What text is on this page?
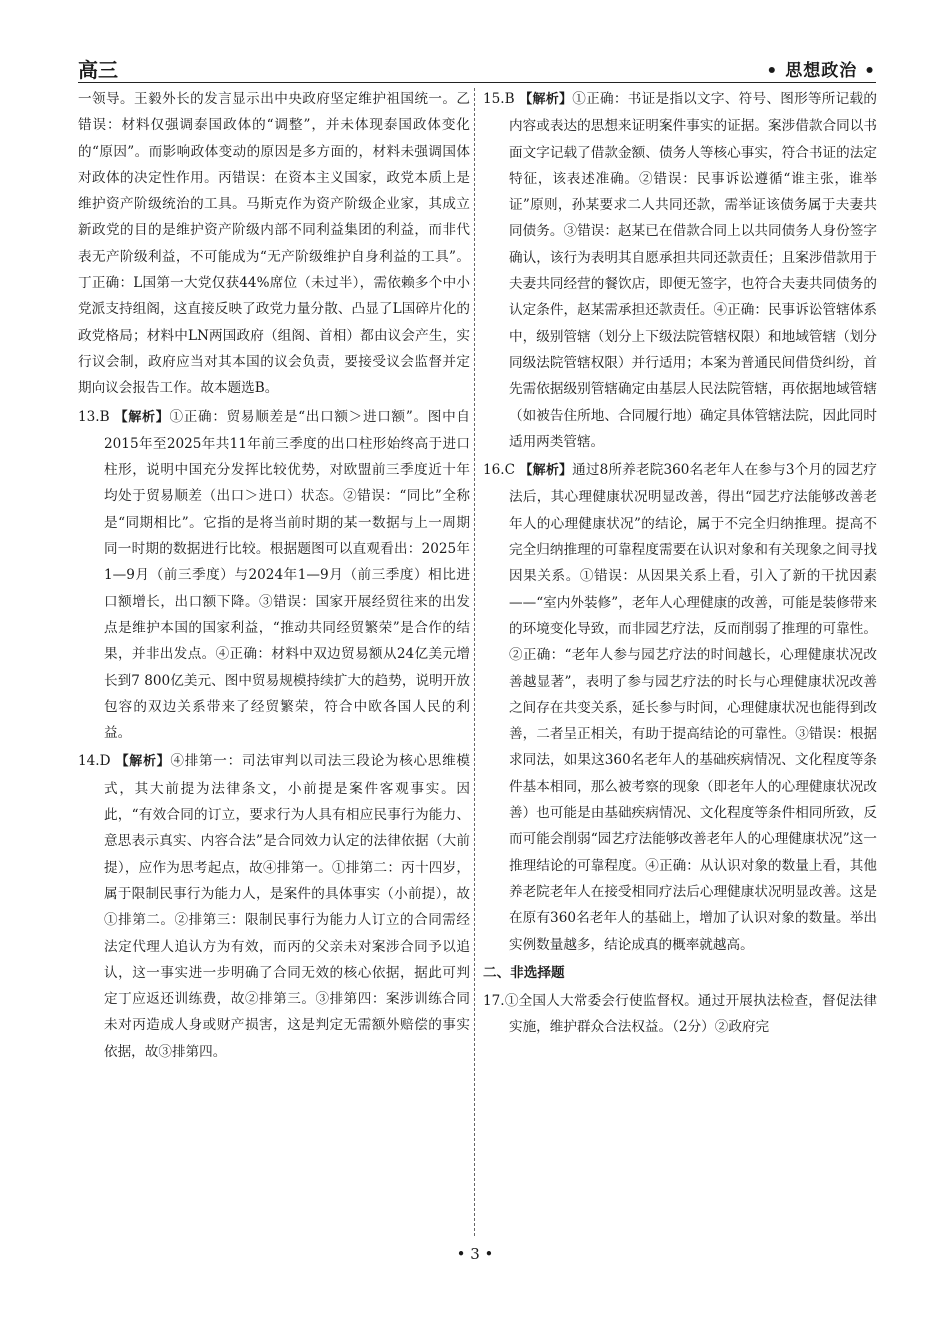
高三	• 思想政治 •

一领导。王毅外长的发言显示出中央政府坚定维护祖国统一。乙错误：材料仅强调泰国政体的“调整”，并未体现泰国政体变化的“原因”。而影响政体变动的原因是多方面的，材料未强调国体对政体的决定性作用。丙错误：在资本主义国家，政党本质上是维护资产阶级统治的工具。马斯克作为资产阶级企业家，其成立新政党的目的是维护资产阶级内部不同利益集团的利益，而非代表无产阶级利益，不可能成为“无产阶级维护自身利益的工具”。丁正确：L国第一大党仅获44%席位（未过半），需依赖多个中小党派支持组阁，这直接反映了政党力量分散、凸显了L国碎片化的政党格局；材料中LN两国政府（组阁、首相）都由议会产生，实行议会制，政府应当对其本国的议会负责，要接受议会监督并定期向议会报告工作。故本题选B。

13.B 【解析】①正确：贸易顺差是“出口额＞进口额”。图中自2015年至2025年共11年前三季度的出口柱形始终高于进口柱形，说明中国充分发挥比较优势，对欧盟前三季度近十年均处于贸易顺差（出口＞进口）状态。②错误：“同比”全称是“同期相比”。它指的是将当前时期的某一数据与上一周期同一时期的数据进行比较。根据题图可以直观看出：2025年1—9月（前三季度）与2024年1—9月（前三季度）相比进口额增长，出口额下降。③错误：国家开展经贸往来的出发点是维护本国的国家利益，“推动共同经贸繁荣”是合作的结果，并非出发点。④正确：材料中双边贸易额从24亿美元增长到7 800亿美元、图中贸易规模持续扩大的趋势，说明开放包容的双边关系带来了经贸繁荣，符合中欧各国人民的利益。

14.D 【解析】④排第一：司法审判以司法三段论为核心思维模式，其大前提为法律条文，小前提是案件客观事实。因此，“有效合同的订立，要求行为人具有相应民事行为能力、意思表示真实、内容合法”是合同效力认定的法律依据（大前提），应作为思考起点，故④排第一。①排第二：丙十四岁，属于限制民事行为能力人，是案件的具体事实（小前提），故①排第二。②排第三：限制民事行为能力人订立的合同需经法定代理人追认方为有效，而丙的父亲未对案涉合同予以追认，这一事实进一步明确了合同无效的核心依据，据此可判定丁应返还训练费，故②排第三。③排第四：案涉训练合同未对丙造成人身或财产损害，这是判定无需额外赔偿的事实依据，故③排第四。

15.B 【解析】①正确：书证是指以文字、符号、图形等所记载的内容或表达的思想来证明案件事实的证据。案涉借款合同以书面文字记载了借款金额、债务人等核心事实，符合书证的法定特征，该表述准确。②错误：民事诉讼遵循“谁主张，谁举证”原则，孙某要求二人共同还款，需举证该债务属于夫妻共同债务。③错误：赵某已在借款合同上以共同债务人身份签字确认，该行为表明其自愿承担共同还款责任；且案涉借款用于夫妻共同经营的餐饮店，即便无签字，也符合夫妻共同债务的认定条件，赵某需承担还款责任。④正确：民事诉讼管辖体系中，级别管辖（划分上下级法院管辖权限）和地域管辖（划分同级法院管辖权限）并行适用；本案为普通民间借贷纠纷，首先需依据级别管辖确定由基层人民法院管辖，再依据地域管辖（如被告住所地、合同履行地）确定具体管辖法院，因此同时适用两类管辖。

16.C 【解析】通过8所养老院360名老年人在参与3个月的园艺疗法后，其心理健康状况明显改善，得出“园艺疗法能够改善老年人的心理健康状况”的结论，属于不完全归纳推理。提高不完全归纳推理的可靠程度需要在认识对象和有关现象之间寻找因果关系。①错误：从因果关系上看，引入了新的干扰因素——“室内外装修”，老年人心理健康的改善，可能是装修带来的环境变化导致，而非园艺疗法，反而削弱了推理的可靠性。②正确：“老年人参与园艺疗法的时间越长，心理健康状况改善越显著”，表明了参与园艺疗法的时长与心理健康状况改善之间存在共变关系，延长参与时间，心理健康状况也能得到改善，二者呈正相关，有助于提高结论的可靠性。③错误：根据求同法，如果这360名老年人的基础疾病情况、文化程度等条件基本相同，那么被考察的现象（即老年人的心理健康状况改善）也可能是由基础疾病情况、文化程度等条件相同所致，反而可能会削弱“园艺疗法能够改善老年人的心理健康状况”这一推理结论的可靠程度。④正确：从认识对象的数量上看，其他养老院老年人在接受相同疗法后心理健康状况明显改善。这是在原有360名老年人的基础上，增加了认识对象的数量。举出实例数量越多，结论成真的概率就越高。

二、非选择题

17.①全国人大常委会行使监督权。通过开展执法检查，督促法律实施，维护群众合法权益。（2分）②政府完

• 3 •
